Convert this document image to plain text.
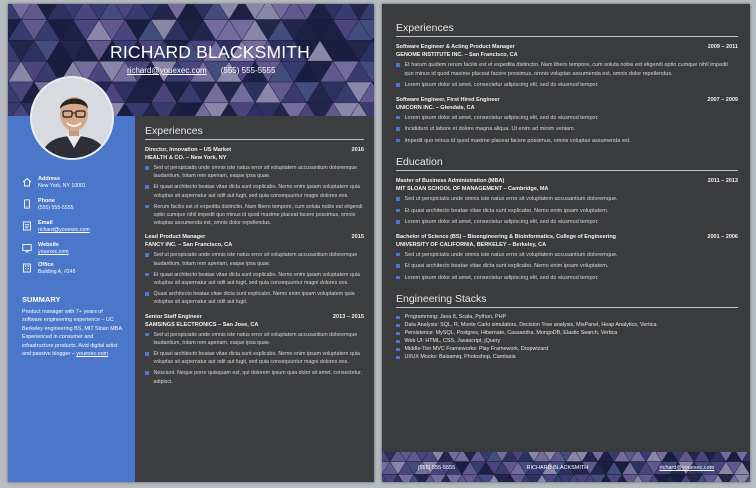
RICHARD BLACKSMITH
richard@youexec.com (555) 555-5555
Address
New York, NY 10001
Phone
(555) 555-5555
Email
richard@youexec.com
Website
youexec.com
Office
Building A, #245
SUMMARY
Product manager with 7+ years of software engineering experience – UC Berkeley engineering BS, MIT Sloan MBA. Experienced in consumer and infrastructure products. Avid digital artist and passive blogger – youexec.com
Experiences
Director, Innovation – US Market	2016
HEALTH & CO. – New York, NY
Sed ut perspiciatis unde omnis iste natus error sit voluptatem accusantium doloremque laudantium, totam rem aperiam, eaque ipsa quae.
Et quasi architecto beatae vitae dicta sunt explicabo. Nemo enim ipsam voluptatem quia voluptas sit aspernatur aut odit aut fugit, sed quia consequuntur magni dolores eos.
Rerum facilis est et expedita distinctio. Nam libero tempore, cum soluta nobis est eligendi optio cumque nihil impedit quo minus id quod maxime placeat facere possimus, omnis voluptas assumenda est, omnis dolor repellendus.
Lead Product Manager	2015
FANCY INC. – San Francisco, CA
Sed ut perspiciatis unde omnis iste natus error sit voluptatem accusantium doloremque laudantium, totam rem aperiam, eaque ipsa quae.
Et quasi architecto beatae vitae dicta sunt explicabo. Nemo enim ipsam voluptatem quia voluptas sit aspernatur aut odit aut fugit, sed quia consequuntur magni dolores eos.
Quasi architecto beatae vitae dicta sunt explicabo. Nemo enim ipsam voluptatem quia voluptas sit aspernatur aut odit aut fugit.
Senior Staff Engineer	2013 – 2015
SAMSINGS ELECTRONICS – San Jose, CA
Sed ut perspiciatis unde omnis iste natus error sit voluptatem accusantium doloremque laudantium, totam rem aperiam, eaque ipsa quae.
Et quasi architecto beatae vitae dicta sunt explicabo. Nemo enim ipsam voluptatem quia voluptas sit aspernatur aut odit aut fugit, sed quia consequuntur magni dolores eos.
Nesciunt. Neque porro quisquam est, qui dolorem ipsum quia dolor sit amet, consectetur, adipisci.
Experiences
Software Engineer & Acting Product Manager	2009 – 2011
GENOME INSTITUTE INC. – San Francisco, CA
Et harum quidem rerum facilis est et expedita distinctio. Nam libero tempore, cum soluta nobis est eligendi optio cumque nihil impedit quo minus id quod maxime placeat facere possimus, omnis voluptas assumenda est, omnis dolor repellendus.
Lorem ipsum dolor sit amet, consectetur adipiscing elit, sed do eiusmod tempor.
Software Engineer, First Hired Engineer	2007 – 2009
UNICORN INC. – Glendale, CA
Lorem ipsum dolor sit amet, consectetur adipiscing elit, sed do eiusmod tempor.
Incididunt ut labore et dolore magna aliqua. Ut enim ad minim veniam.
Impedit quo minus id quod maxime placeat facere possimus, omnis voluptas assumenda est.
Education
Master of Business Administration (MBA)	2011 – 2013
MIT SLOAN SCHOOL OF MANAGEMENT – Cambridge, MA
Sed ut perspiciatis unde omnis iste natus error sit voluptatem accusantium doloremque.
Et quasi architecto beatae vitae dicta sunt explicabo. Nemo enim ipsam voluptatem.
Lorem ipsum dolor sit amet, consectetur adipiscing elit, sed do eiusmod tempor.
Bachelor of Science (BS) – Bioengineering & Bioinformatics, College of Engineering	2001 – 2006
UNIVERSITY OF CALIFORNIA, BERKELEY – Berkeley, CA
Sed ut perspiciatis unde omnis iste natus error sit voluptatem accusantium doloremque.
Et quasi architecto beatae vitae dicta sunt explicabo. Nemo enim ipsam voluptatem.
Lorem ipsum dolor sit amet, consectetur adipiscing elit, sed do eiusmod tempor.
Engineering Stacks
Programming: Java 8, Scala, Python, PHP
Data Analysis: SQL, R, Monte Carlo simulators, Decision Tree analysis, MixPanel, Heap Analytics, Vertica
Persistence: MySQL, Postgres, Hibernate, Cassandra, MongoDB, Elastic Search, Vertica
Web UI: HTML, CSS, Javascript, jQuery
Middle-Tier MVC Frameworks: Play Framework, Dropwizard
UI/UX Mocks: Balsamiq, Photoshop, Camtasia
(555) 555-5555	RICHARD BLACKSMITH	richard@youexec.com
